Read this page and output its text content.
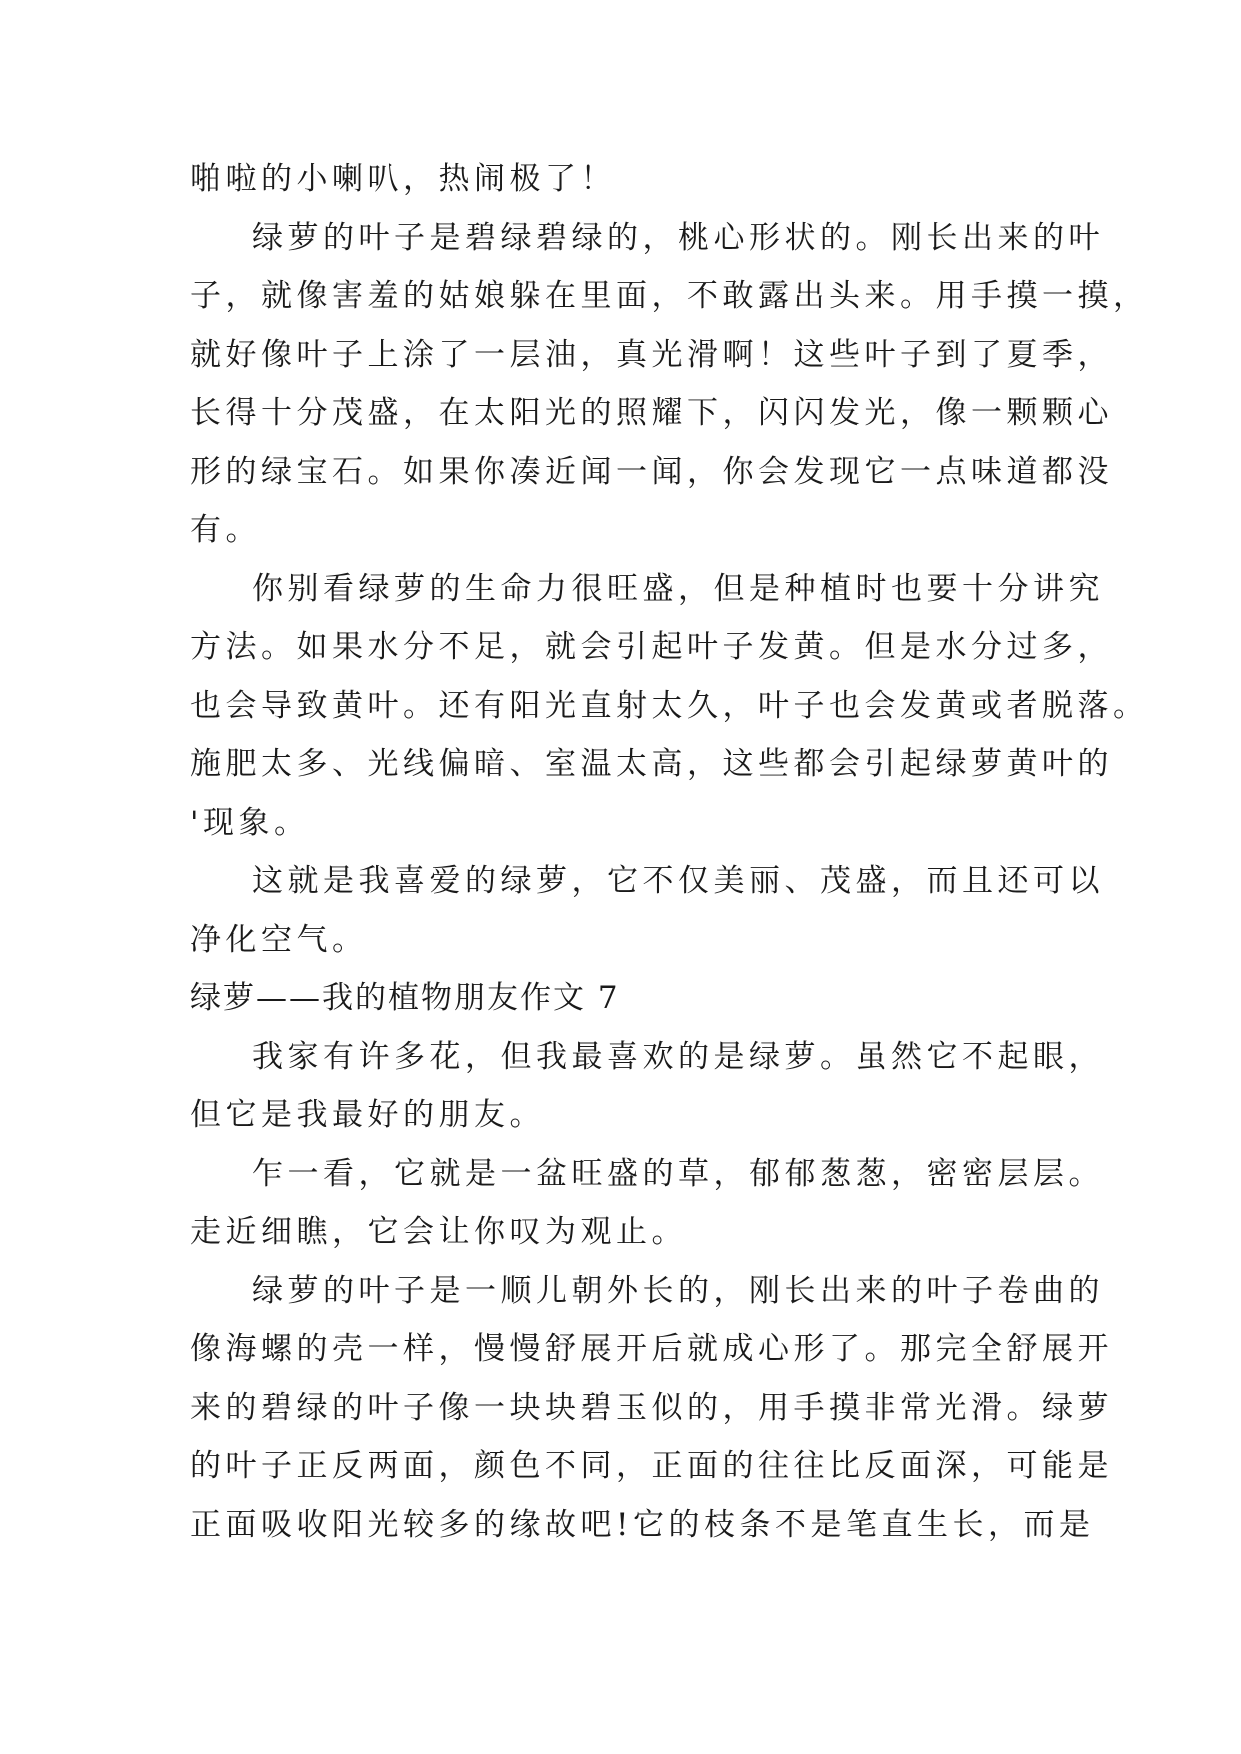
啪啦的小喇叭，热闹极了！
绿萝的叶子是碧绿碧绿的，桃心形状的。刚长出来的叶
子，就像害羞的姑娘躲在里面，不敢露出头来。用手摸一摸，
就好像叶子上涂了一层油，真光滑啊！这些叶子到了夏季，
长得十分茂盛，在太阳光的照耀下，闪闪发光，像一颗颗心
形的绿宝石。如果你凑近闻一闻，你会发现它一点味道都没
有。
你别看绿萝的生命力很旺盛，但是种植时也要十分讲究
方法。如果水分不足，就会引起叶子发黄。但是水分过多，
也会导致黄叶。还有阳光直射太久，叶子也会发黄或者脱落。
施肥太多、光线偏暗、室温太高，这些都会引起绿萝黄叶的
'现象。
这就是我喜爱的绿萝，它不仅美丽、茂盛，而且还可以
净化空气。
绿萝——我的植物朋友作文 7
我家有许多花，但我最喜欢的是绿萝。虽然它不起眼，
但它是我最好的朋友。
乍一看，它就是一盆旺盛的草，郁郁葱葱，密密层层。
走近细瞧，它会让你叹为观止。
绿萝的叶子是一顺儿朝外长的，刚长出来的叶子卷曲的
像海螺的壳一样，慢慢舒展开后就成心形了。那完全舒展开
来的碧绿的叶子像一块块碧玉似的，用手摸非常光滑。绿萝
的叶子正反两面，颜色不同，正面的往往比反面深，可能是
正面吸收阳光较多的缘故吧!它的枝条不是笔直生长，而是
